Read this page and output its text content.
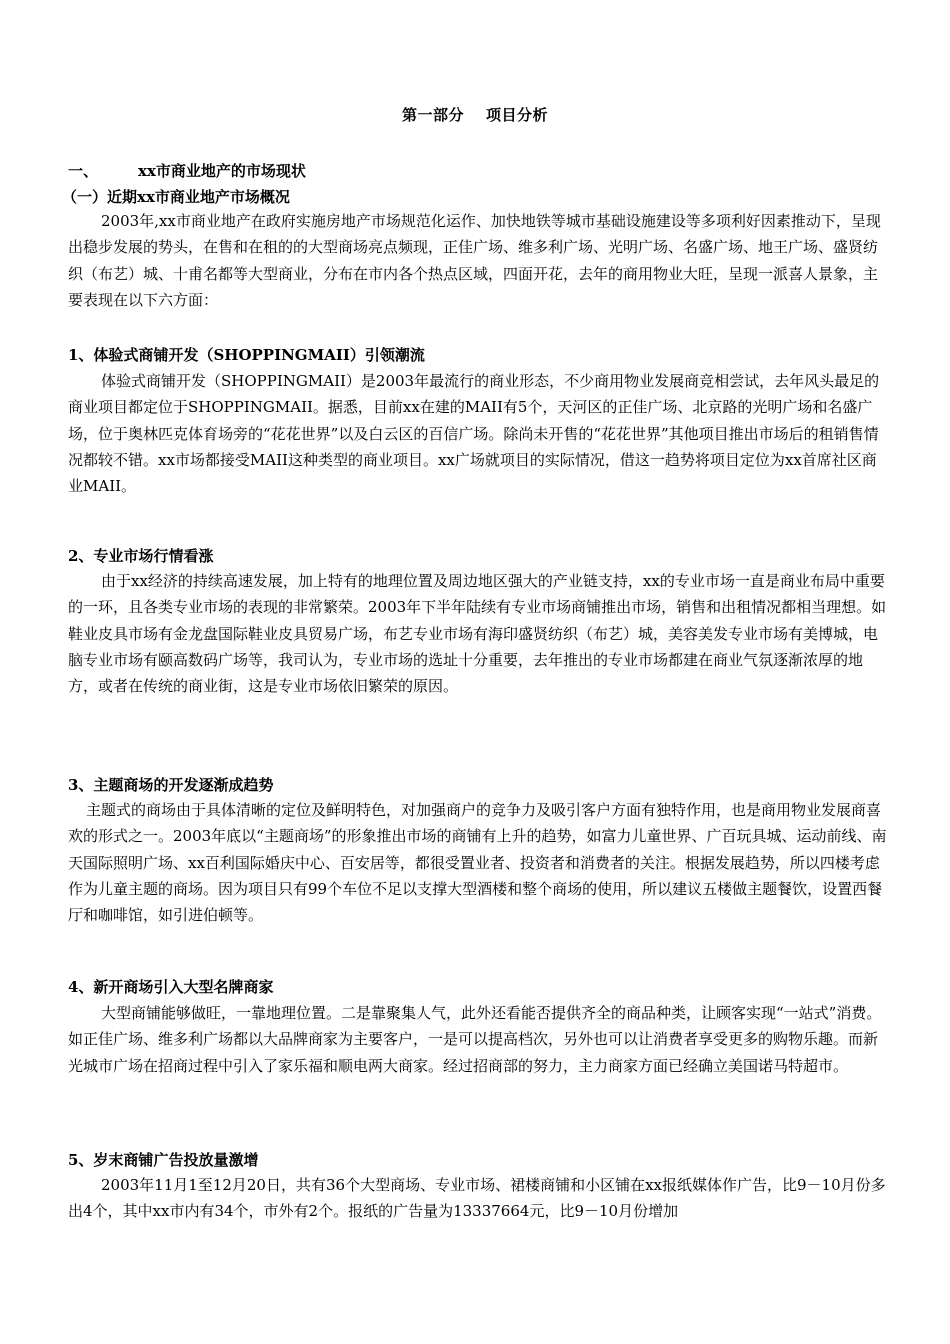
第一部分 项目分析
一、	xx市商业地产的市场现状
（一）近期xx市商业地产市场概况
2003年,xx市商业地产在政府实施房地产市场规范化运作、加快地铁等城市基础设施建设等多项利好因素推动下，呈现出稳步发展的势头，在售和在租的的大型商场亮点频现，正佳广场、维多利广场、光明广场、名盛广场、地王广场、盛贤纺织（布艺）城、十甫名都等大型商业，分布在市内各个热点区域，四面开花，去年的商用物业大旺，呈现一派喜人景象，主要表现在以下六方面：
1、体验式商铺开发（SHOPPINGMAII）引领潮流
体验式商铺开发（SHOPPINGMAII）是2003年最流行的商业形态，不少商用物业发展商竞相尝试，去年风头最足的商业项目都定位于SHOPPINGMAII。据悉，目前xx在建的MAII有5个，天河区的正佳广场、北京路的光明广场和名盛广场，位于奥林匹克体育场旁的“花花世界”以及白云区的百信广场。除尚未开售的“花花世界”其他项目推出市场后的租销售情况都较不错。xx市场都接受MAII这种类型的商业项目。xx广场就项目的实际情况，借这一趋势将项目定位为xx首席社区商业MAII。
2、专业市场行情看涨
由于xx经济的持续高速发展，加上特有的地理位置及周边地区强大的产业链支持，xx的专业市场一直是商业布局中重要的一环，且各类专业市场的表现的非常繁荣。2003年下半年陆续有专业市场商铺推出市场，销售和出租情况都相当理想。如鞋业皮具市场有金龙盘国际鞋业皮具贸易广场，布艺专业市场有海印盛贤纺织（布艺）城，美容美发专业市场有美博城，电脑专业市场有颐高数码广场等，我司认为，专业市场的选址十分重要，去年推出的专业市场都建在商业气氛逐渐浓厚的地方，或者在传统的商业街，这是专业市场依旧繁荣的原因。
3、主题商场的开发逐渐成趋势
主题式的商场由于具体清晰的定位及鲜明特色，对加强商户的竞争力及吸引客户方面有独特作用，也是商用物业发展商喜欢的形式之一。2003年底以“主题商场”的形象推出市场的商铺有上升的趋势，如富力儿童世界、广百玩具城、运动前线、南天国际照明广场、xx百利国际婚庆中心、百安居等，都很受置业者、投资者和消费者的关注。根据发展趋势，所以四楼考虑作为儿童主题的商场。因为项目只有99个车位不足以支撑大型酒楼和整个商场的使用，所以建议五楼做主题餐饮，设置西餐厅和咖啡馆，如引进伯顿等。
4、新开商场引入大型名牌商家
大型商铺能够做旺，一靠地理位置。二是靠聚集人气，此外还看能否提供齐全的商品种类，让顾客实现“一站式”消费。如正佳广场、维多利广场都以大品牌商家为主要客户，一是可以提高档次，另外也可以让消费者享受更多的购物乐趣。而新光城市广场在招商过程中引入了家乐福和顺电两大商家。经过招商部的努力，主力商家方面已经确立美国诺马特超市。
5、岁末商铺广告投放量激增
2003年11月1至12月20日，共有36个大型商场、专业市场、裙楼商铺和小区铺在xx报纸媒体作广告，比9－10月份多出4个，其中xx市内有34个，市外有2个。报纸的广告量为13337664元，比9－10月份增加
